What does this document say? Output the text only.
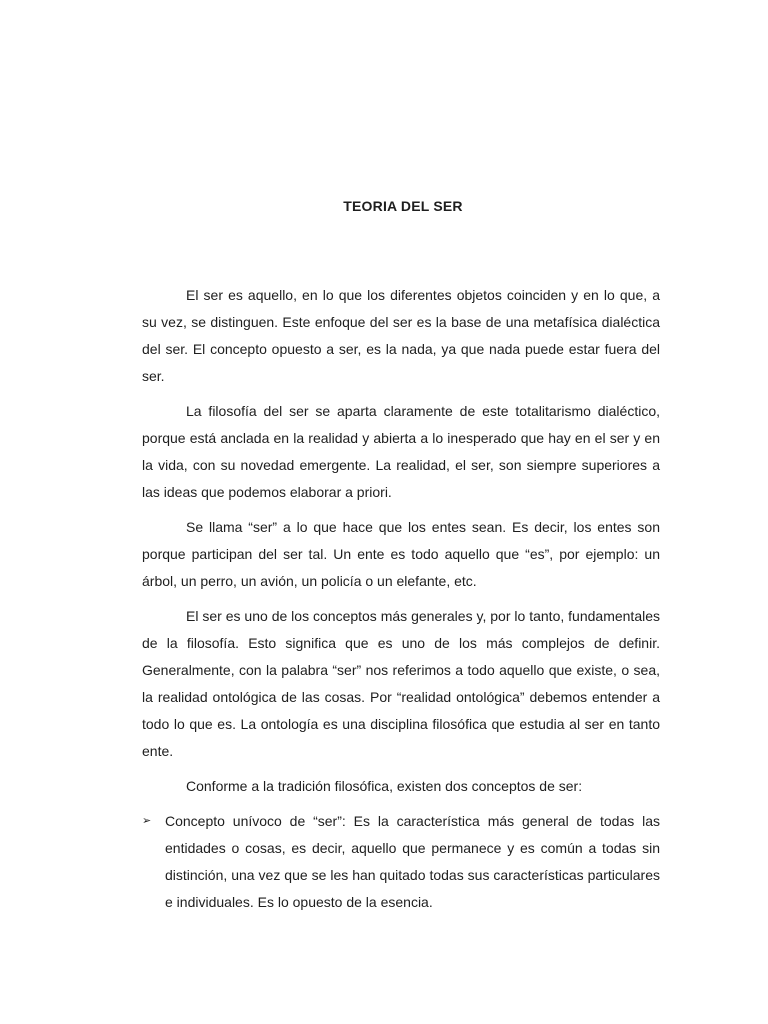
TEORIA DEL SER

El ser es aquello, en lo que los diferentes objetos coinciden y en lo que, a su vez, se distinguen. Este enfoque del ser es la base de una metafísica dialéctica del ser. El concepto opuesto a ser, es la nada, ya que nada puede estar fuera del ser.

La filosofía del ser se aparta claramente de este totalitarismo dialéctico, porque está anclada en la realidad y abierta a lo inesperado que hay en el ser y en la vida, con su novedad emergente. La realidad, el ser, son siempre superiores a las ideas que podemos elaborar a priori.

Se llama “ser” a lo que hace que los entes sean. Es decir, los entes son porque participan del ser tal. Un ente es todo aquello que “es”, por ejemplo: un árbol, un perro, un avión, un policía o un elefante, etc.

El ser es uno de los conceptos más generales y, por lo tanto, fundamentales de la filosofía. Esto significa que es uno de los más complejos de definir. Generalmente, con la palabra “ser” nos referimos a todo aquello que existe, o sea, la realidad ontológica de las cosas. Por “realidad ontológica” debemos entender a todo lo que es. La ontología es una disciplina filosófica que estudia al ser en tanto ente.

Conforme a la tradición filosófica, existen dos conceptos de ser:

➢ Concepto unívoco de “ser”: Es la característica más general de todas las entidades o cosas, es decir, aquello que permanece y es común a todas sin distinción, una vez que se les han quitado todas sus características particulares e individuales. Es lo opuesto de la esencia.
